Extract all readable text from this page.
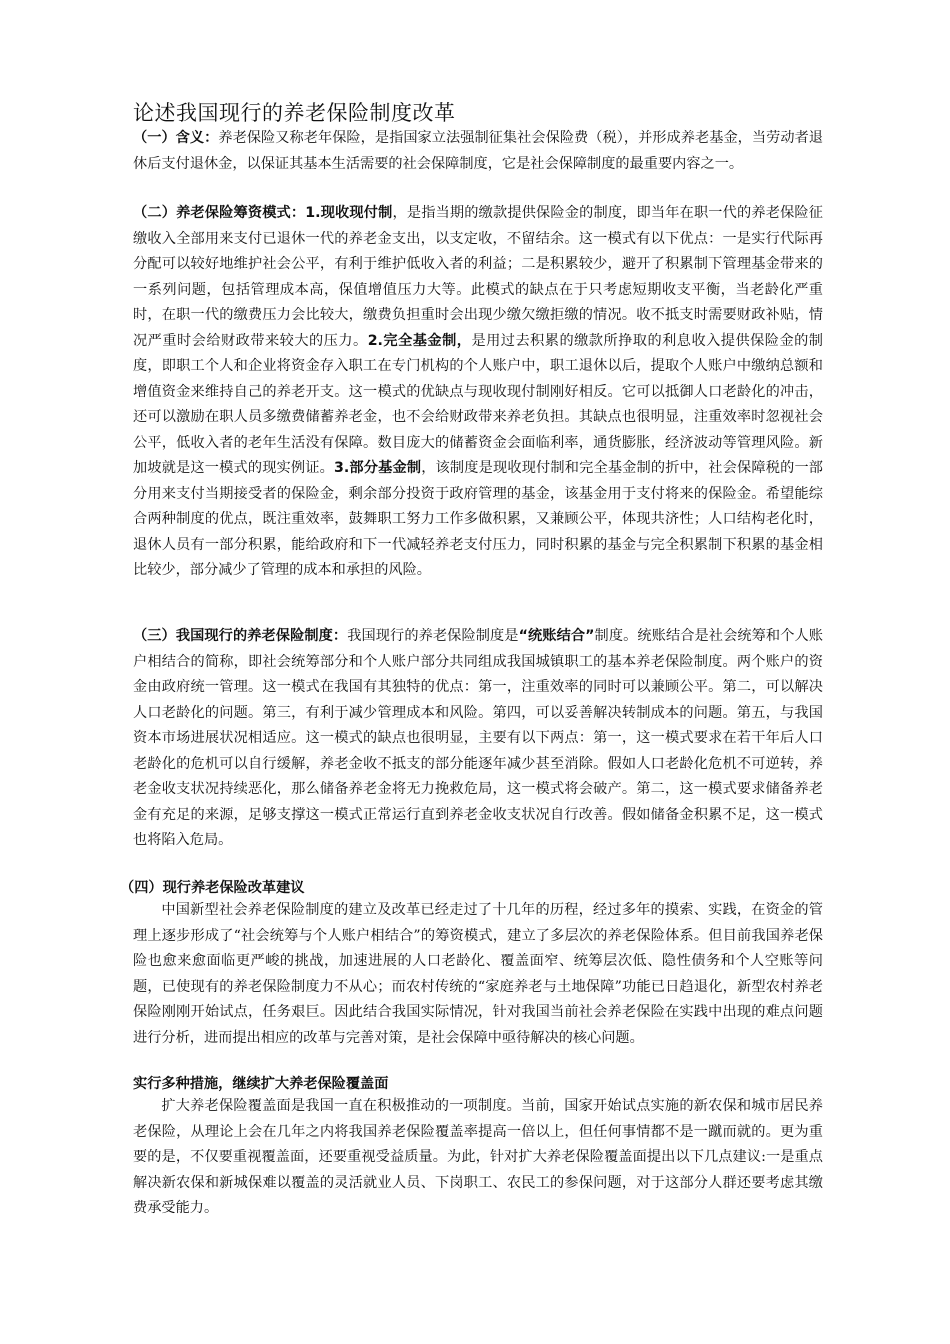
论述我国现行的养老保险制度改革

（一）含义：养老保险又称老年保险，是指国家立法强制征集社会保险费（税），并形成养老基金，当劳动者退休后支付退休金，以保证其基本生活需要的社会保障制度，它是社会保障制度的最重要内容之一。

（二）养老保险筹资模式：1.现收现付制，是指当期的缴款提供保险金的制度，即当年在职一代的养老保险征缴收入全部用来支付已退休一代的养老金支出，以支定收，不留结余。这一模式有以下优点：一是实行代际再分配可以较好地维护社会公平，有利于维护低收入者的利益；二是积累较少，避开了积累制下管理基金带来的一系列问题，包括管理成本高，保值增值压力大等。此模式的缺点在于只考虑短期收支平衡，当老龄化严重时，在职一代的缴费压力会比较大，缴费负担重时会出现少缴欠缴拒缴的情况。收不抵支时需要财政补贴，情况严重时会给财政带来较大的压力。2.完全基金制，是用过去积累的缴款所挣取的利息收入提供保险金的制度，即职工个人和企业将资金存入职工在专门机构的个人账户中，职工退休以后，提取个人账户中缴纳总额和增值资金来维持自己的养老开支。这一模式的优缺点与现收现付制刚好相反。它可以抵御人口老龄化的冲击，还可以激励在职人员多缴费储蓄养老金，也不会给财政带来养老负担。其缺点也很明显，注重效率时忽视社会公平，低收入者的老年生活没有保障。数目庞大的储蓄资金会面临利率，通货膨胀，经济波动等管理风险。新加坡就是这一模式的现实例证。3.部分基金制，该制度是现收现付制和完全基金制的折中，社会保障税的一部分用来支付当期接受者的保险金，剩余部分投资于政府管理的基金，该基金用于支付将来的保险金。希望能综合两种制度的优点，既注重效率，鼓舞职工努力工作多做积累，又兼顾公平，体现共济性；人口结构老化时，退休人员有一部分积累，能给政府和下一代减轻养老支付压力，同时积累的基金与完全积累制下积累的基金相比较少，部分减少了管理的成本和承担的风险。

（三）我国现行的养老保险制度：我国现行的养老保险制度是“统账结合”制度。统账结合是社会统筹和个人账户相结合的简称，即社会统筹部分和个人账户部分共同组成我国城镇职工的基本养老保险制度。两个账户的资金由政府统一管理。这一模式在我国有其独特的优点：第一，注重效率的同时可以兼顾公平。第二，可以解决人口老龄化的问题。第三，有利于减少管理成本和风险。第四，可以妥善解决转制成本的问题。第五，与我国资本市场进展状况相适应。这一模式的缺点也很明显，主要有以下两点：第一，这一模式要求在若干年后人口老龄化的危机可以自行缓解，养老金收不抵支的部分能逐年减少甚至消除。假如人口老龄化危机不可逆转，养老金收支状况持续恶化，那么储备养老金将无力挽救危局，这一模式将会破产。第二，这一模式要求储备养老金有充足的来源，足够支撑这一模式正常运行直到养老金收支状况自行改善。假如储备金积累不足，这一模式也将陷入危局。

（四）现行养老保险改革建议

中国新型社会养老保险制度的建立及改革已经走过了十几年的历程，经过多年的摸索、实践，在资金的管理上逐步形成了“社会统筹与个人账户相结合”的筹资模式，建立了多层次的养老保险体系。但目前我国养老保险也愈来愈面临更严峻的挑战，加速进展的人口老龄化、覆盖面窄、统筹层次低、隐性债务和个人空账等问题，已使现有的养老保险制度力不从心；而农村传统的“家庭养老与土地保障”功能已日趋退化，新型农村养老保险刚刚开始试点，任务艰巨。因此结合我国实际情况，针对我国当前社会养老保险在实践中出现的难点问题进行分析，进而提出相应的改革与完善对策，是社会保障中亟待解决的核心问题。

实行多种措施，继续扩大养老保险覆盖面

扩大养老保险覆盖面是我国一直在积极推动的一项制度。当前，国家开始试点实施的新农保和城市居民养老保险，从理论上会在几年之内将我国养老保险覆盖率提高一倍以上，但任何事情都不是一蹴而就的。更为重要的是，不仅要重视覆盖面，还要重视受益质量。为此，针对扩大养老保险覆盖面提出以下几点建议:一是重点解决新农保和新城保难以覆盖的灵活就业人员、下岗职工、农民工的参保问题，对于这部分人群还要考虑其缴费承受能力。
